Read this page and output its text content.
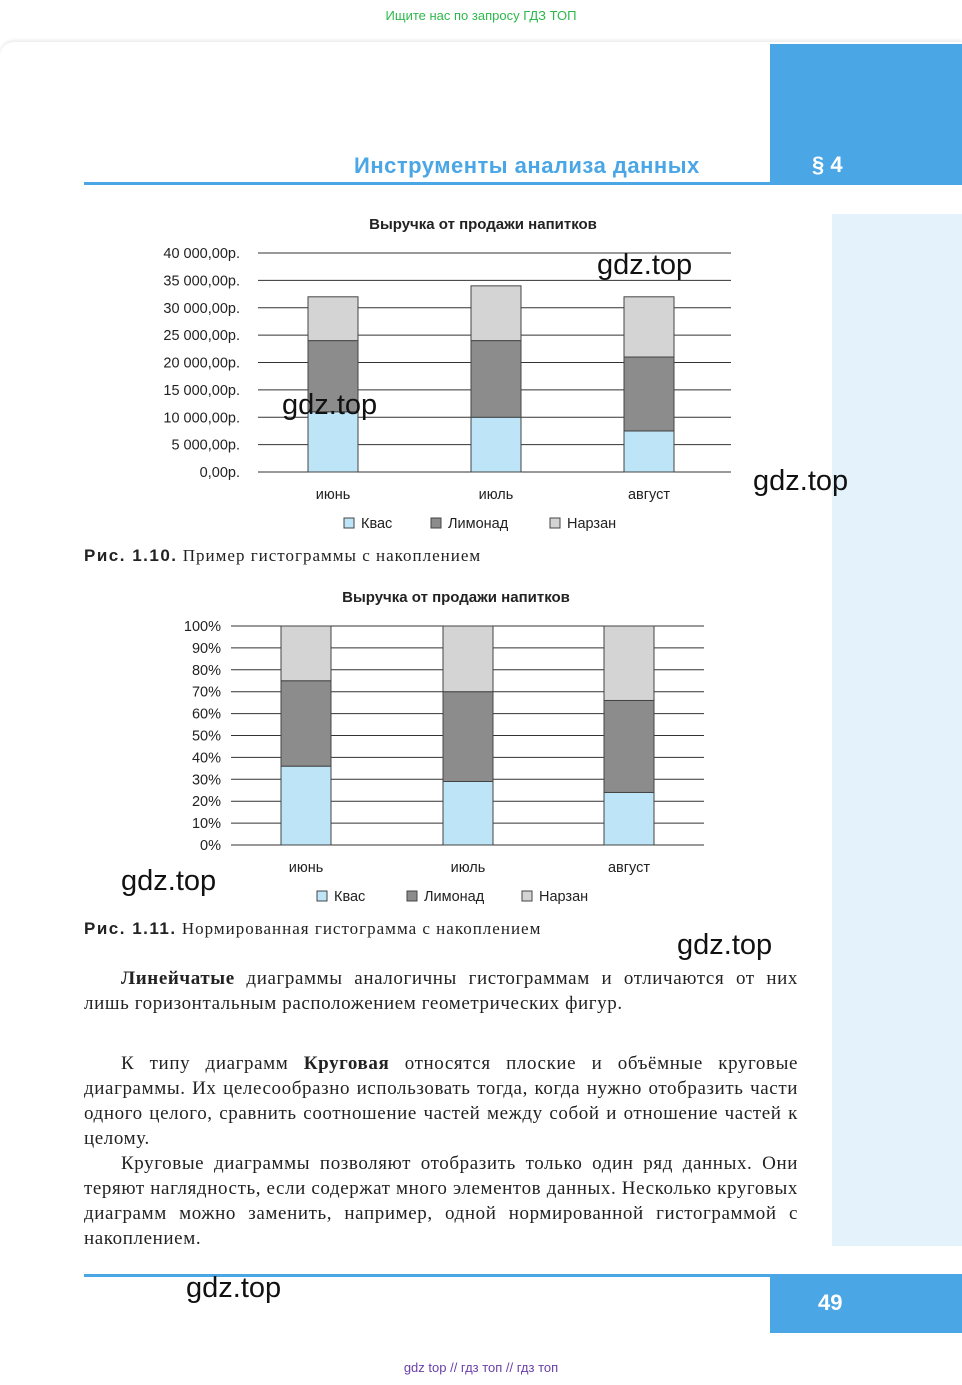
Ищите нас по запросу ГДЗ ТОП
§ 4
Инструменты анализа данных
Выручка от продажи напитков
0,00р.
5 000,00р.
10 000,00р.
15 000,00р.
20 000,00р.
25 000,00р.
30 000,00р.
35 000,00р.
40 000,00р.
июнь	июль	август
Квас	Лимонад	Нарзан
Рис. 1.10. Пример гистограммы с накоплением
Выручка от продажи напитков
0%
10%
20%
30%
40%
50%
60%
70%
80%
90%
100%
июнь	июль	август
Квас	Лимонад	Нарзан
Рис. 1.11. Нормированная гистограмма с накоплением

Линейчатые диаграммы аналогичны гистограммам и отличаются от них лишь горизонтальным расположением геометрических фигур.

К типу диаграмм Круговая относятся плоские и объёмные круговые диаграммы. Их целесообразно использовать тогда, когда нужно отобразить части одного целого, сравнить соотношение частей между собой и отношение частей к целому.

Круговые диаграммы позволяют отобразить только один ряд данных. Они теряют наглядность, если содержат много элементов данных. Несколько круговых диаграмм можно заменить, например, одной нормированной гистограммой с накоплением.

49
gdz top // гдз топ // гдз топ
gdz.top
gdz.top
gdz.top
gdz.top
gdz.top
gdz.top
